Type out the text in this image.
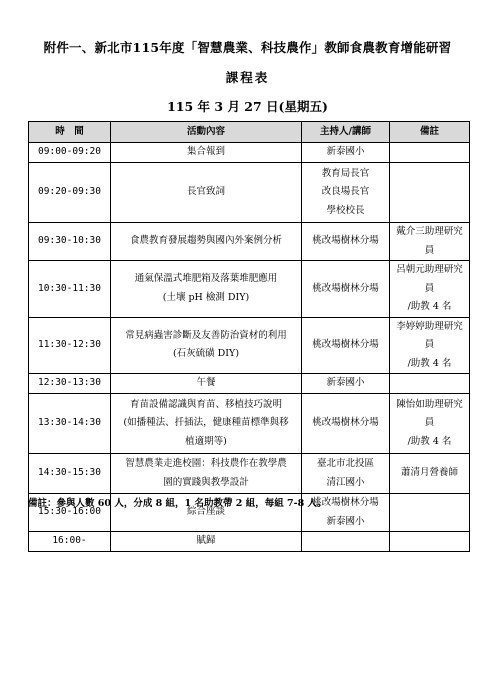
附件一、新北市115年度「智慧農業、科技農作」教師食農教育增能研習
課程表
115 年 3 月 27 日(星期五)
時　間	活動內容	主持人/講師	備註
09:00-09:20	集合報到	新泰國小	

09:20-09:30	長官致詞	教育局長官
改良場長官
學校校長	

09:30-10:30	食農教育發展趨勢與國內外案例分析	桃改場樹林分場	戴介三助理研究員

10:30-11:30	通氣保溫式堆肥箱及落葉堆肥應用
(土壤 pH 檢測 DIY)	桃改場樹林分場	呂朝元助理研究員
/助教 4 名

11:30-12:30	常見病蟲害診斷及友善防治資材的利用
(石灰硫磺 DIY)	桃改場樹林分場	李婷婷助理研究員
/助教 4 名

12:30-13:30	午餐	新泰國小	

13:30-14:30	育苗設備認識與育苗、移植技巧說明
(如播種法、扦插法，健康種苗標準與移
植適期等)	桃改場樹林分場	陳怡如助理研究員
/助教 4 名

14:30-15:30	智慧農業走進校園：科技農作在教學農
園的實踐與教學設計	臺北市北投區
清江國小	蕭清月營養師

15:30-16:00	綜合座談	桃改場樹林分場
新泰國小	

16:00-	賦歸		

備註：參與人數 60 人，分成 8 組，1 名助教帶 2 組，每組 7-8 人。
